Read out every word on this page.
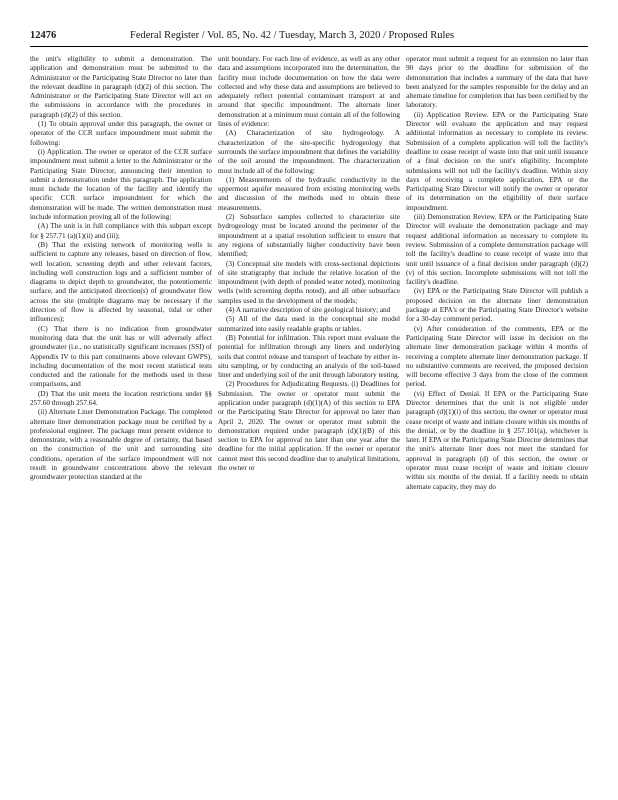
12476	Federal Register / Vol. 85, No. 42 / Tuesday, March 3, 2020 / Proposed Rules

the unit's eligibility to submit a demonstration. The application and demonstration must be submitted to the Administrator or the Participating State Director no later than the relevant deadline in paragraph (d)(2) of this section. The Administrator or the Participating State Director will act on the submissions in accordance with the procedures in paragraph (d)(2) of this section.

(1) To obtain approval under this paragraph, the owner or operator of the CCR surface impoundment must submit the following:

(i) Application. The owner or operator of the CCR surface impoundment must submit a letter to the Administrator or the Participating State Director, announcing their intention to submit a demonstration under this paragraph. The application must include the location of the facility and identify the specific CCR surface impoundment for which the demonstration will be made. The written demonstration must include information proving all of the following:

(A) The unit is in full compliance with this subpart except for § 257.71 (a)(1)(ii) and (iii);

(B) That the existing network of monitoring wells is sufficient to capture any releases, based on direction of flow, well location, screening depth and other relevant factors, including well construction logs and a sufficient number of diagrams to depict depth to groundwater, the potentiometric surface, and the anticipated direction(s) of groundwater flow across the site (multiple diagrams may be necessary if the direction of flow is affected by seasonal, tidal or other influences);

(C) That there is no indication from groundwater monitoring data that the unit has or will adversely affect groundwater (i.e., no statistically significant increases (SSI) of Appendix IV to this part constituents above relevant GWPS), including documentation of the most recent statistical tests conducted and the rationale for the methods used in these comparisons, and

(D) That the unit meets the location restrictions under §§ 257.60 through 257.64.

(ii) Alternate Liner Demonstration Package. The completed alternate liner demonstration package must be certified by a professional engineer. The package must present evidence to demonstrate, with a reasonable degree of certainty, that based on the construction of the unit and surrounding site conditions, operation of the surface impoundment will not result in groundwater concentrations above the relevant groundwater protection standard at the

unit boundary. For each line of evidence, as well as any other data and assumptions incorporated into the determination, the facility must include documentation on how the data were collected and why these data and assumptions are believed to adequately reflect potential contaminant transport at and around that specific impoundment. The alternate liner demonstration at a minimum must contain all of the following lines of evidence:

(A) Characterization of site hydrogeology. A characterization of the site-specific hydrogeology that surrounds the surface impoundment that defines the variability of the soil around the impoundment. The characterization must include all of the following:

(1) Measurements of the hydraulic conductivity in the uppermost aquifer measured from existing monitoring wells and discussion of the methods used to obtain these measurements.

(2) Subsurface samples collected to characterize site hydrogeology must be located around the perimeter of the impoundment at a spatial resolution sufficient to ensure that any regions of substantially higher conductivity have been identified;

(3) Conceptual site models with cross-sectional depictions of site stratigraphy that include the relative location of the impoundment (with depth of ponded water noted), monitoring wells (with screening depths noted), and all other subsurface samples used in the development of the models;

(4) A narrative description of site geological history; and

(5) All of the data used in the conceptual site model summarized into easily readable graphs or tables.

(B) Potential for infiltration. This report must evaluate the potential for infiltration through any liners and underlying soils that control release and transport of leachate by either in-situ sampling, or by conducting an analysis of the soil-based liner and underlying soil of the unit through laboratory testing.

(2) Procedures for Adjudicating Requests. (i) Deadlines for Submission. The owner or operator must submit the application under paragraph (d)(1)(A) of this section to EPA or the Participating State Director for approval no later than April 2, 2020. The owner or operator must submit the demonstration required under paragraph (d)(1)(B) of this section to EPA for approval no later than one year after the deadline for the initial application. If the owner or operator cannot meet this second deadline due to analytical limitations, the owner or

operator must submit a request for an extension no later than 90 days prior to the deadline for submission of the demonstration that includes a summary of the data that have been analyzed for the samples responsible for the delay and an alternate timeline for completion that has been certified by the laboratory.

(ii) Application Review. EPA or the Participating State Director will evaluate the application and may request additional information as necessary to complete its review. Submission of a complete application will toll the facility's deadline to cease receipt of waste into that unit until issuance of a final decision on the unit's eligibility. Incomplete submissions will not toll the facility's deadline. Within sixty days of receiving a complete application, EPA or the Participating State Director will notify the owner or operator of its determination on the eligibility of their surface impoundment.

(iii) Demonstration Review. EPA or the Participating State Director will evaluate the demonstration package and may request additional information as necessary to complete its review. Submission of a complete demonstration package will toll the facility's deadline to cease receipt of waste into that unit until issuance of a final decision under paragraph (d)(2)(v) of this section. Incomplete submissions will not toll the facility's deadline.

(iv) EPA or the Participating State Director will publish a proposed decision on the alternate liner demonstration package at EPA's or the Participating State Director's website for a 30-day comment period.

(v) After consideration of the comments, EPA or the Participating State Director will issue its decision on the alternate liner demonstration package within 4 months of receiving a complete alternate liner demonstration package. If no substantive comments are received, the proposed decision will become effective 3 days from the close of the comment period.

(vi) Effect of Denial. If EPA or the Participating State Director determines that the unit is not eligible under paragraph (d)(1)(i) of this section, the owner or operator must cease receipt of waste and initiate closure within six months of the denial, or by the deadline in § 257.101(a), whichever is later. If EPA or the Participating State Director determines that the unit's alternate liner does not meet the standard for approval in paragraph (d) of this section, the owner or operator must cease receipt of waste and initiate closure within six months of the denial. If a facility needs to obtain alternate capacity, they may do
